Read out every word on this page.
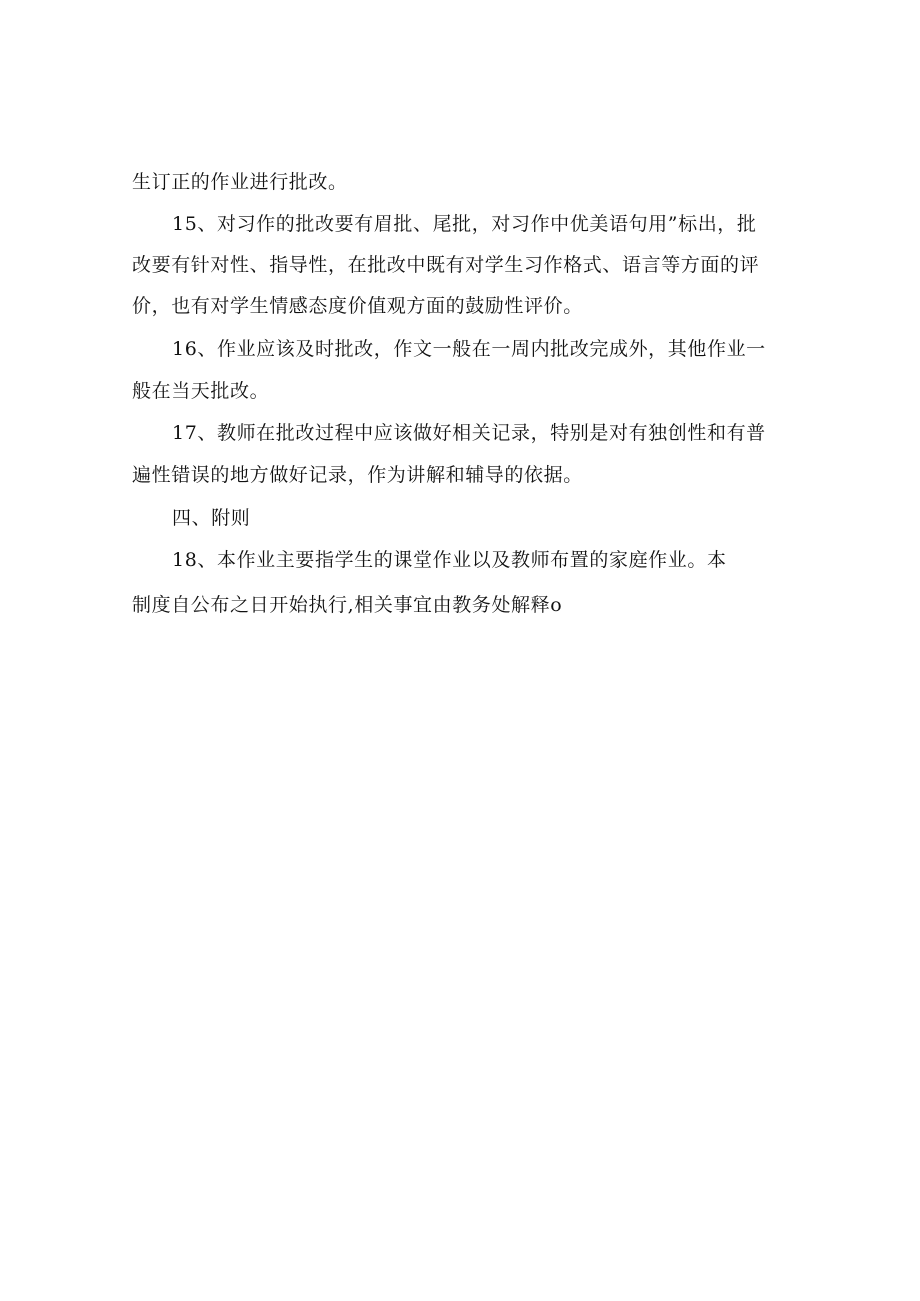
生订正的作业进行批改。
15、对习作的批改要有眉批、尾批，对习作中优美语句用”标出，批
改要有针对性、指导性，在批改中既有对学生习作格式、语言等方面的评
价，也有对学生情感态度价值观方面的鼓励性评价。
16、作业应该及时批改，作文一般在一周内批改完成外，其他作业一
般在当天批改。
17、教师在批改过程中应该做好相关记录，特别是对有独创性和有普
遍性错误的地方做好记录，作为讲解和辅导的依据。
四、附则
18、本作业主要指学生的课堂作业以及教师布置的家庭作业。本
制度自公布之日开始执行,相关事宜由教务处解释o
